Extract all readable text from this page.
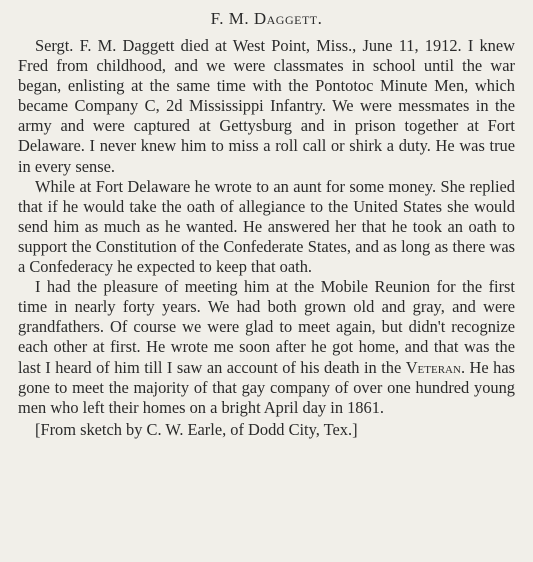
F. M. Daggett.

Sergt. F. M. Daggett died at West Point, Miss., June 11, 1912. I knew Fred from childhood, and we were classmates in school until the war began, enlisting at the same time with the Pontotoc Minute Men, which became Company C, 2d Mississippi Infantry. We were messmates in the army and were captured at Gettysburg and in prison together at Fort Delaware. I never knew him to miss a roll call or shirk a duty. He was true in every sense.

While at Fort Delaware he wrote to an aunt for some money. She replied that if he would take the oath of allegiance to the United States she would send him as much as he wanted. He answered her that he took an oath to support the Constitution of the Confederate States, and as long as there was a Confederacy he expected to keep that oath.

I had the pleasure of meeting him at the Mobile Reunion for the first time in nearly forty years. We had both grown old and gray, and were grandfathers. Of course we were glad to meet again, but didn't recognize each other at first. He wrote me soon after he got home, and that was the last I heard of him till I saw an account of his death in the Veteran. He has gone to meet the majority of that gay company of over one hundred young men who left their homes on a bright April day in 1861.

[From sketch by C. W. Earle, of Dodd City, Tex.]
